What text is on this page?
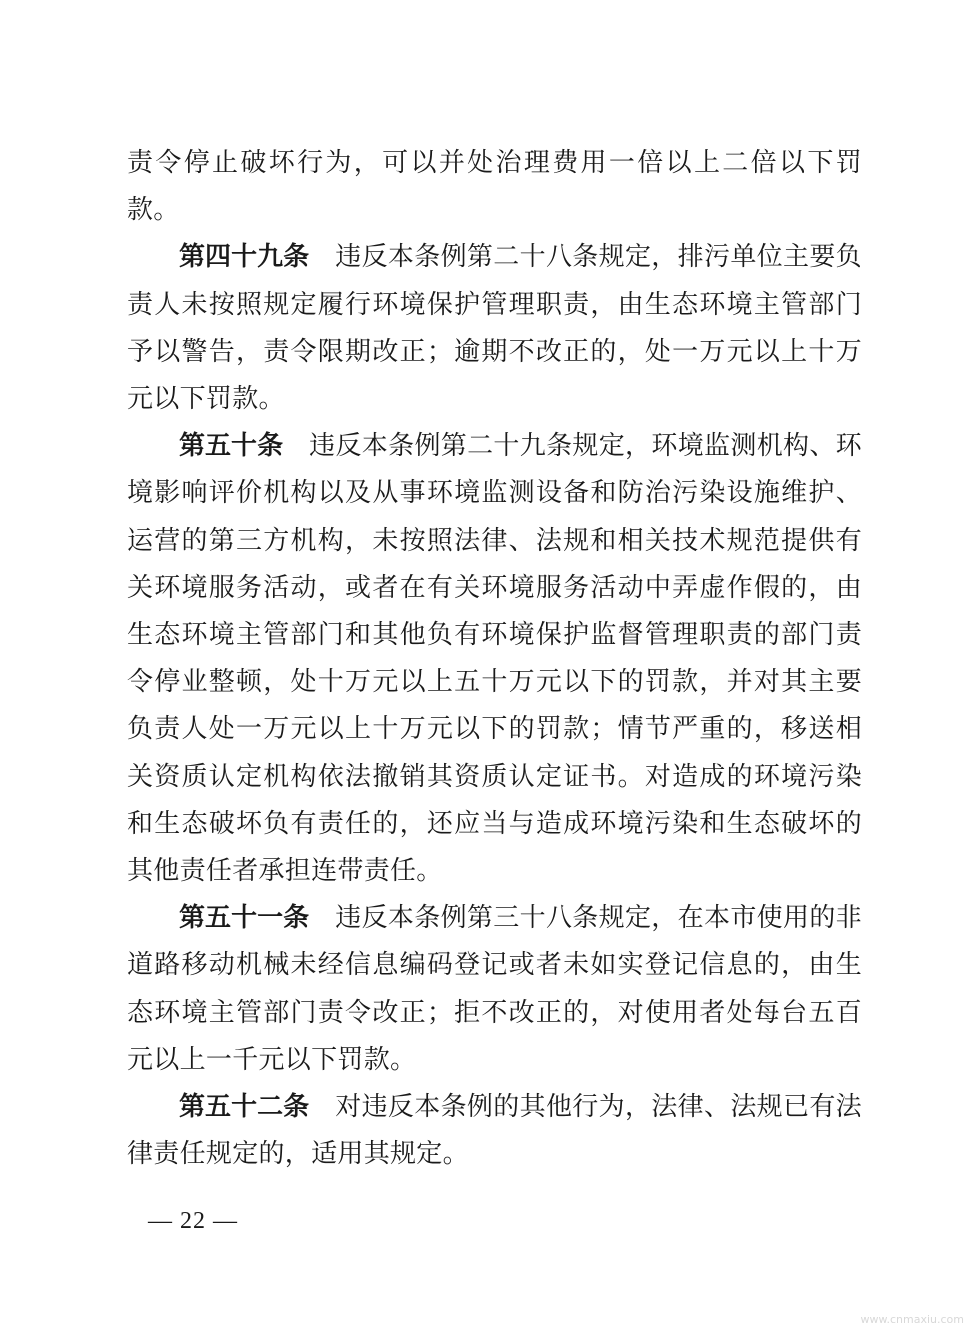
责令停止破坏行为，可以并处治理费用一倍以上二倍以下罚款。

第四十九条 违反本条例第二十八条规定，排污单位主要负责人未按照规定履行环境保护管理职责，由生态环境主管部门予以警告，责令限期改正；逾期不改正的，处一万元以上十万元以下罚款。

第五十条 违反本条例第二十九条规定，环境监测机构、环境影响评价机构以及从事环境监测设备和防治污染设施维护、运营的第三方机构，未按照法律、法规和相关技术规范提供有关环境服务活动，或者在有关环境服务活动中弄虚作假的，由生态环境主管部门和其他负有环境保护监督管理职责的部门责令停业整顿，处十万元以上五十万元以下的罚款，并对其主要负责人处一万元以上十万元以下的罚款；情节严重的，移送相关资质认定机构依法撤销其资质认定证书。对造成的环境污染和生态破坏负有责任的，还应当与造成环境污染和生态破坏的其他责任者承担连带责任。

第五十一条 违反本条例第三十八条规定，在本市使用的非道路移动机械未经信息编码登记或者未如实登记信息的，由生态环境主管部门责令改正；拒不改正的，对使用者处每台五百元以上一千元以下罚款。

第五十二条 对违反本条例的其他行为，法律、法规已有法律责任规定的，适用其规定。

— 22 —
www.cnmaxiu.com
